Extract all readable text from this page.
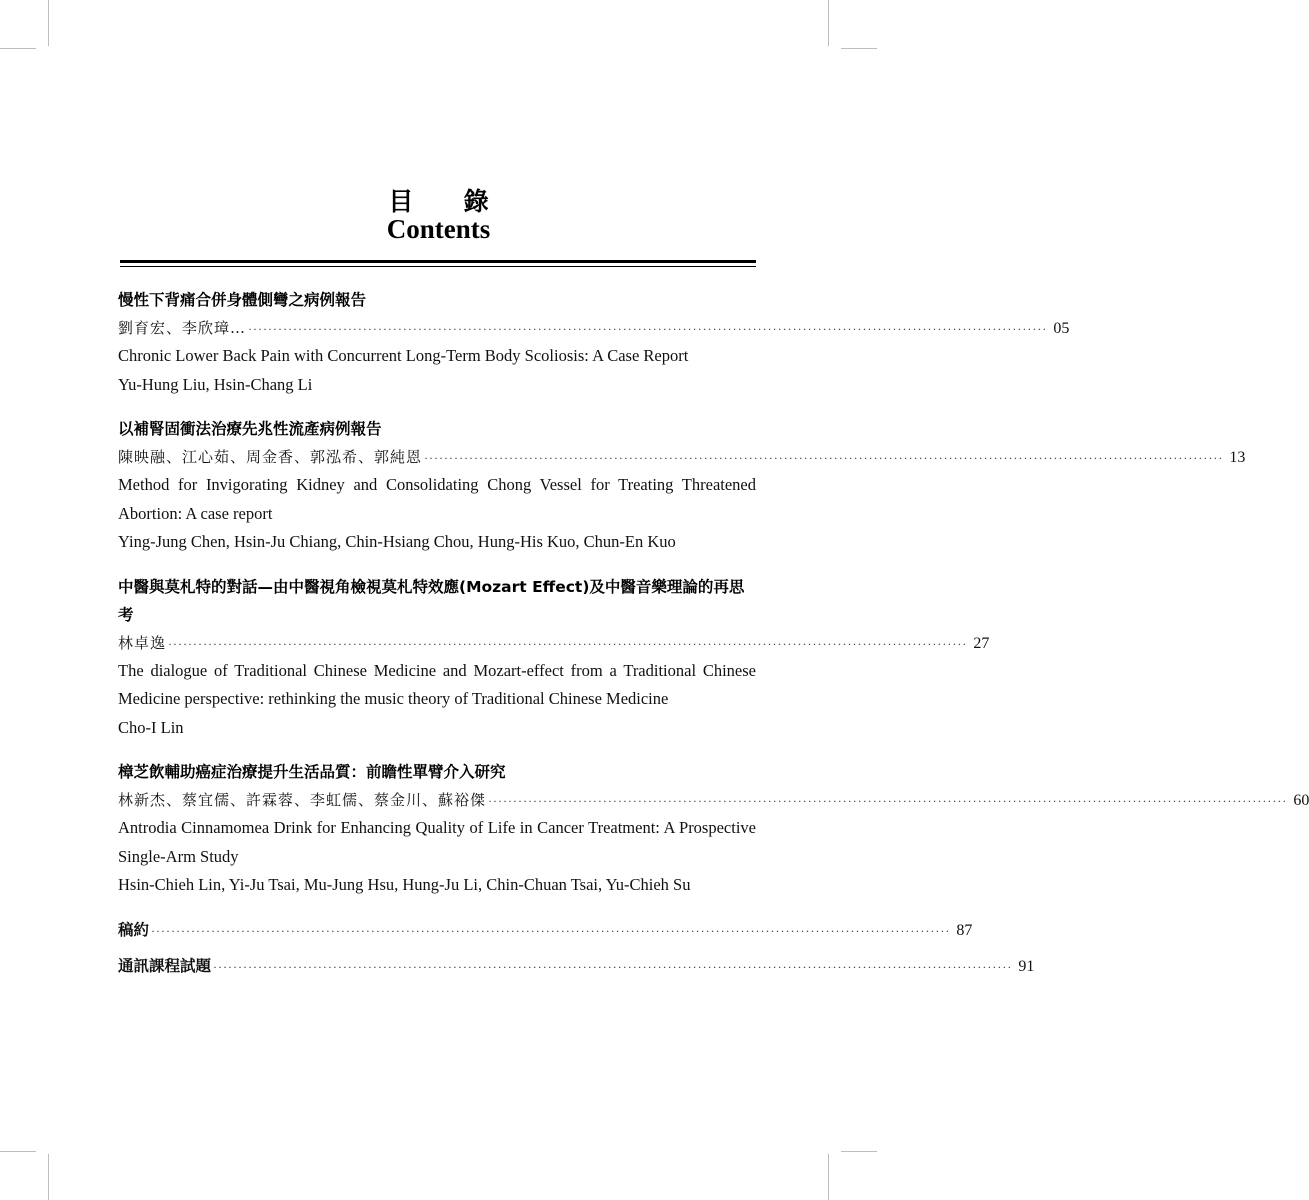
目 錄
Contents
慢性下背痛合併身體側彎之病例報告
劉育宏、李欣璋… ································································································································································ 05
Chronic Lower Back Pain with Concurrent Long-Term Body Scoliosis: A Case Report
Yu-Hung Liu, Hsin-Chang Li
以補腎固衝法治療先兆性流產病例報告
陳映融、江心茹、周金香、郭泓希、郭純恩 ································································································································································ 13
Method for Invigorating Kidney and Consolidating Chong Vessel for Treating Threatened Abortion: A case report
Ying-Jung Chen, Hsin-Ju Chiang, Chin-Hsiang Chou, Hung-His Kuo, Chun-En Kuo
中醫與莫札特的對話—由中醫視角檢視莫札特效應(Mozart Effect)及中醫音樂理論的再思考
林卓逸 ································································································································································ 27
The dialogue of Traditional Chinese Medicine and Mozart-effect from a Traditional Chinese Medicine perspective: rethinking the music theory of Traditional Chinese Medicine
Cho-I Lin
樟芝飲輔助癌症治療提升生活品質：前瞻性單臂介入研究
林新杰、蔡宜儒、許霖蓉、李虹儒、蔡金川、蘇裕傑 ································································································································································ 60
Antrodia Cinnamomea Drink for Enhancing Quality of Life in Cancer Treatment: A Prospective Single-Arm Study
Hsin-Chieh Lin, Yi-Ju Tsai, Mu-Jung Hsu, Hung-Ju Li, Chin-Chuan Tsai, Yu-Chieh Su
稿約 ································································································································································ 87
通訊課程試題 ································································································································································ 91
